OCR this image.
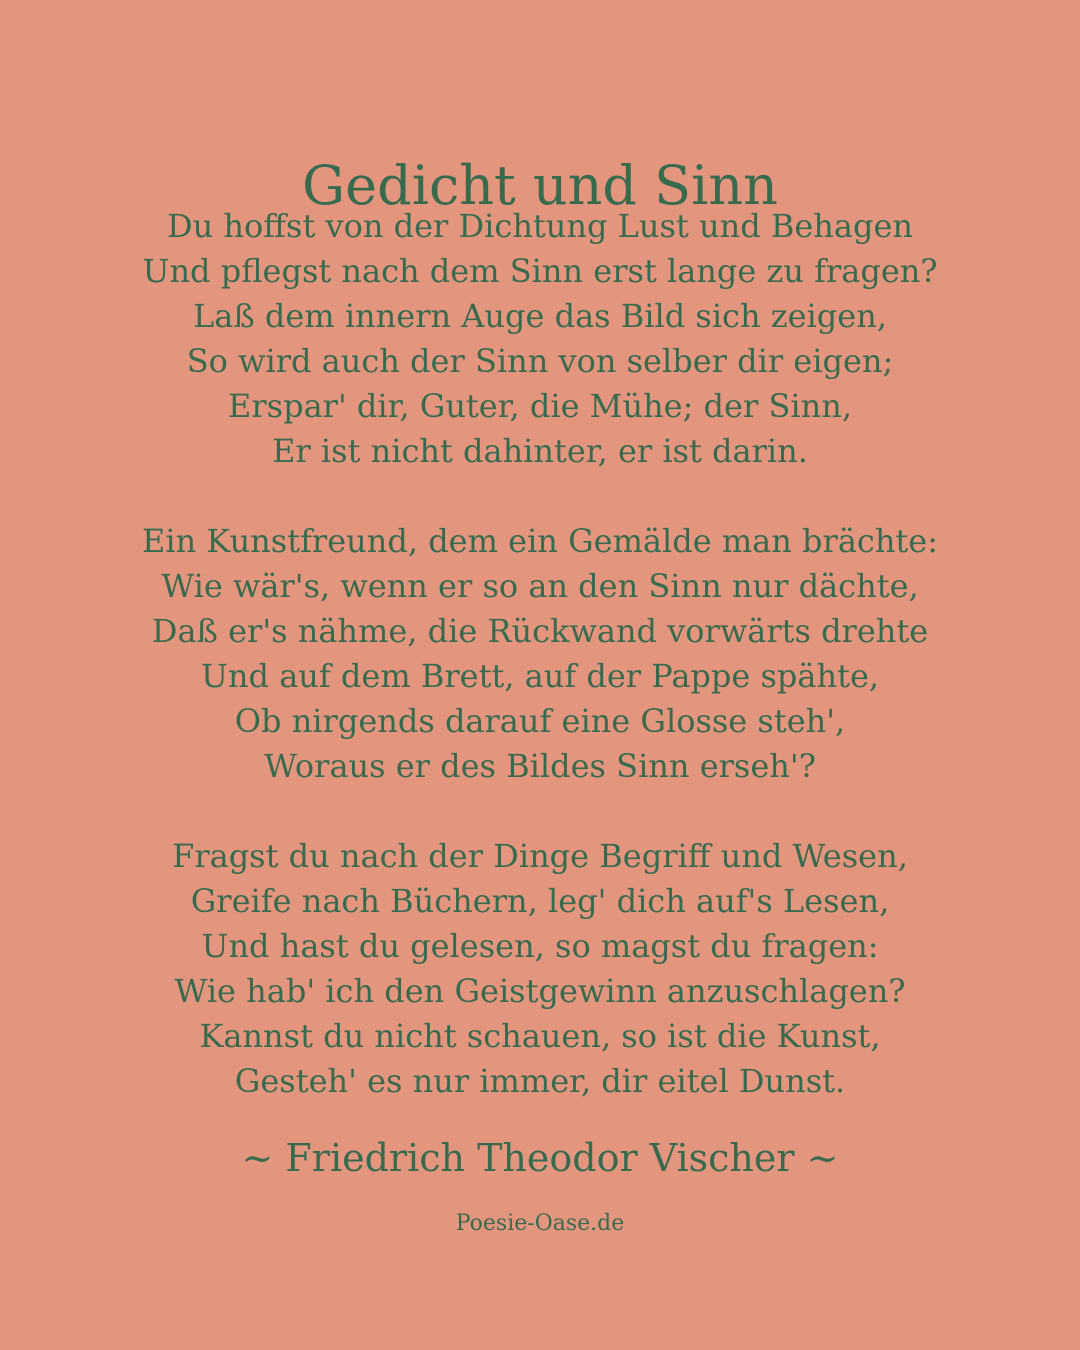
Gedicht und Sinn
Du hoffst von der Dichtung Lust und Behagen
Und pflegst nach dem Sinn erst lange zu fragen?
Laß dem innern Auge das Bild sich zeigen,
So wird auch der Sinn von selber dir eigen;
Erspar' dir, Guter, die Mühe; der Sinn,
Er ist nicht dahinter, er ist darin.
Ein Kunstfreund, dem ein Gemälde man brächte:
Wie wär's, wenn er so an den Sinn nur dächte,
Daß er's nähme, die Rückwand vorwärts drehte
Und auf dem Brett, auf der Pappe spähte,
Ob nirgends darauf eine Glosse steh',
Woraus er des Bildes Sinn erseh'?
Fragst du nach der Dinge Begriff und Wesen,
Greife nach Büchern, leg' dich auf's Lesen,
Und hast du gelesen, so magst du fragen:
Wie hab' ich den Geistgewinn anzuschlagen?
Kannst du nicht schauen, so ist die Kunst,
Gesteh' es nur immer, dir eitel Dunst.
~ Friedrich Theodor Vischer ~
Poesie-Oase.de
